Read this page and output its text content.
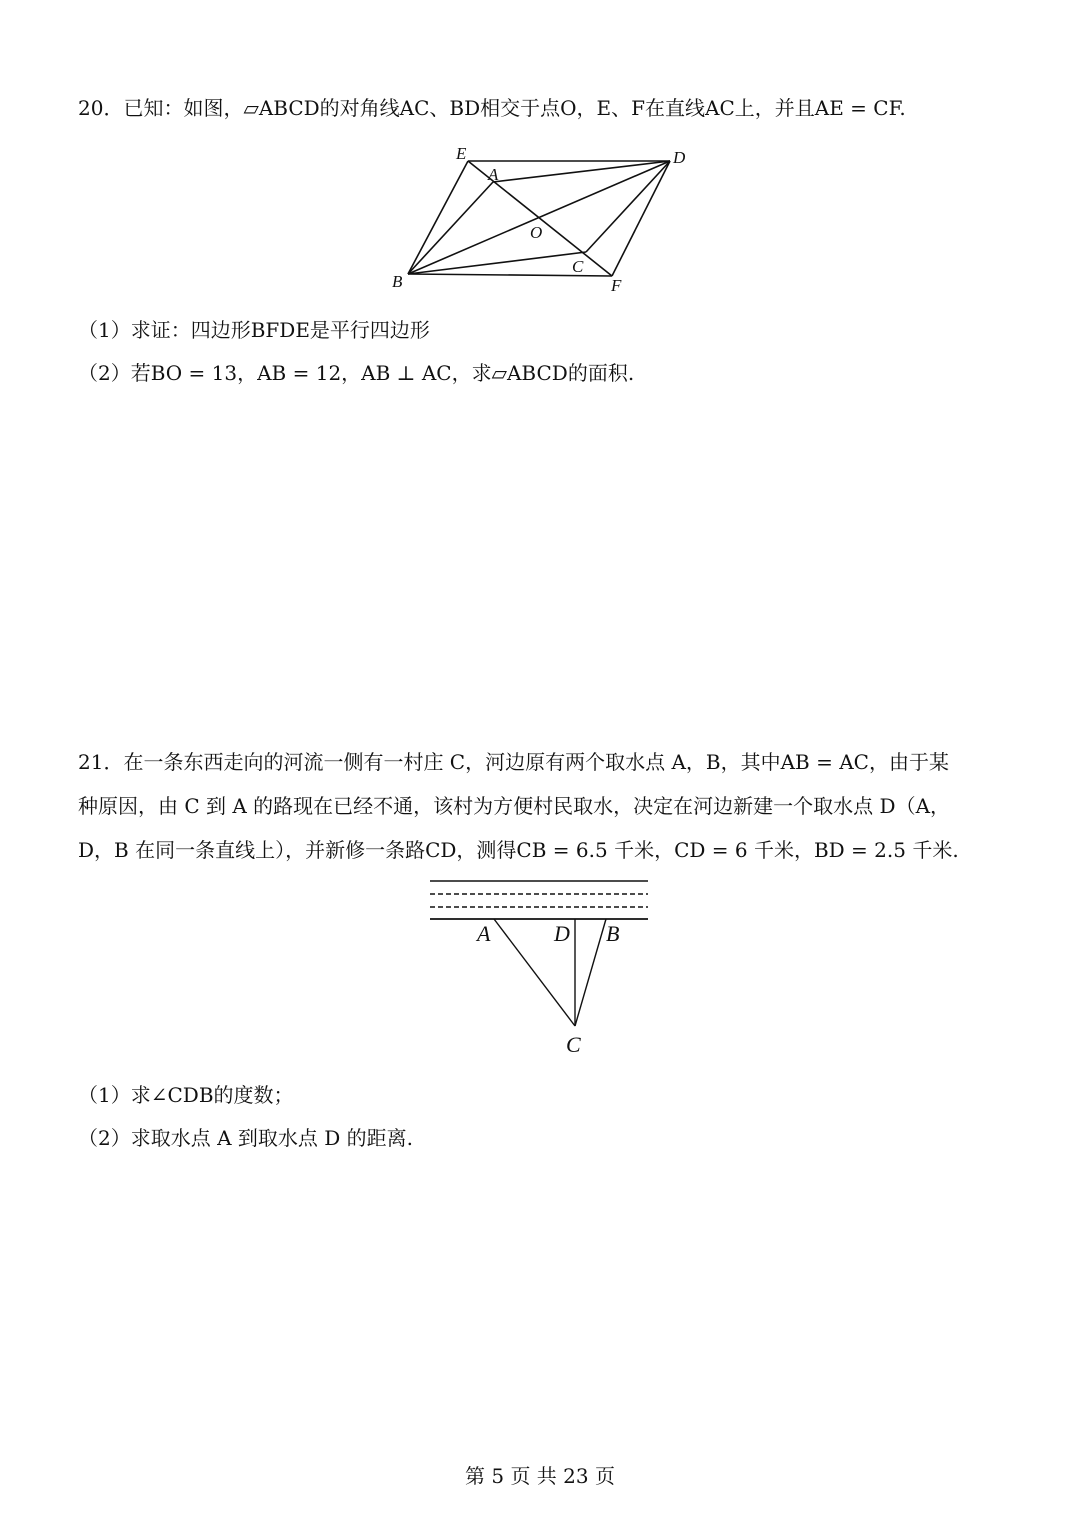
20．已知：如图，▱ABCD的对角线AC、BD相交于点O，E、F在直线AC上，并且AE = CF.
E	D
A
O
C
B	F
（1）求证：四边形BFDE是平行四边形
（2）若BO = 13，AB = 12，AB ⊥ AC，求▱ABCD的面积.
21．在一条东西走向的河流一侧有一村庄 C，河边原有两个取水点 A，B，其中AB = AC，由于某
种原因，由 C 到 A 的路现在已经不通，该村为方便村民取水，决定在河边新建一个取水点 D（A，
D，B 在同一条直线上），并新修一条路CD，测得CB = 6.5 千米，CD = 6 千米，BD = 2.5 千米.
A	D B
C
（1）求∠CDB的度数；
（2）求取水点 A 到取水点 D 的距离.
第 5 页 共 23 页
